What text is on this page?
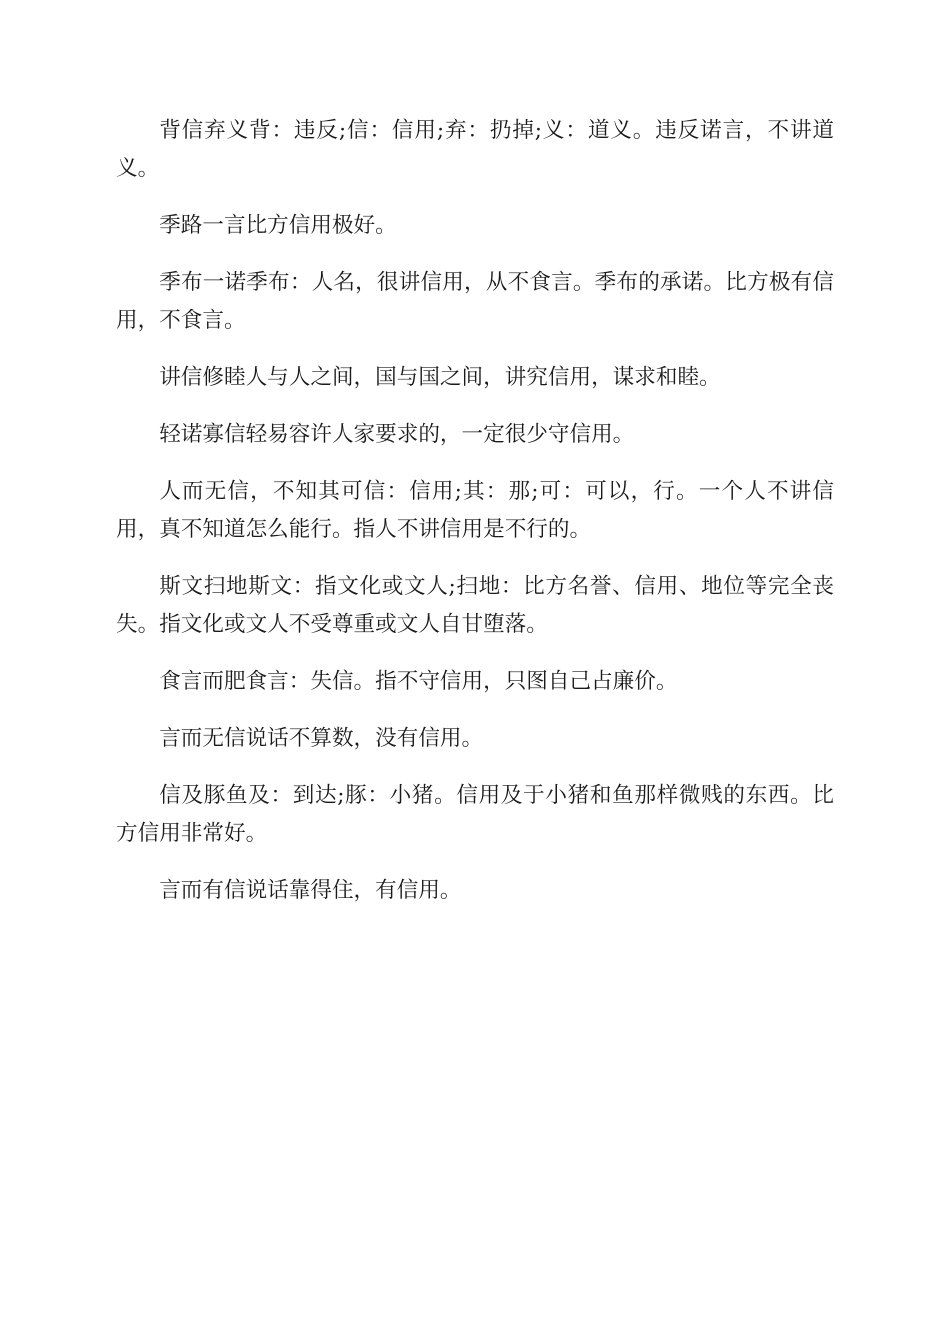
背信弃义背：违反;信：信用;弃：扔掉;义：道义。违反诺言，不讲道义。

季路一言比方信用极好。

季布一诺季布：人名，很讲信用，从不食言。季布的承诺。比方极有信用，不食言。

讲信修睦人与人之间，国与国之间，讲究信用，谋求和睦。

轻诺寡信轻易容许人家要求的，一定很少守信用。

人而无信，不知其可信：信用;其：那;可：可以，行。一个人不讲信用，真不知道怎么能行。指人不讲信用是不行的。

斯文扫地斯文：指文化或文人;扫地：比方名誉、信用、地位等完全丧失。指文化或文人不受尊重或文人自甘堕落。

食言而肥食言：失信。指不守信用，只图自己占廉价。

言而无信说话不算数，没有信用。

信及豚鱼及：到达;豚：小猪。信用及于小猪和鱼那样微贱的东西。比方信用非常好。

言而有信说话靠得住，有信用。
